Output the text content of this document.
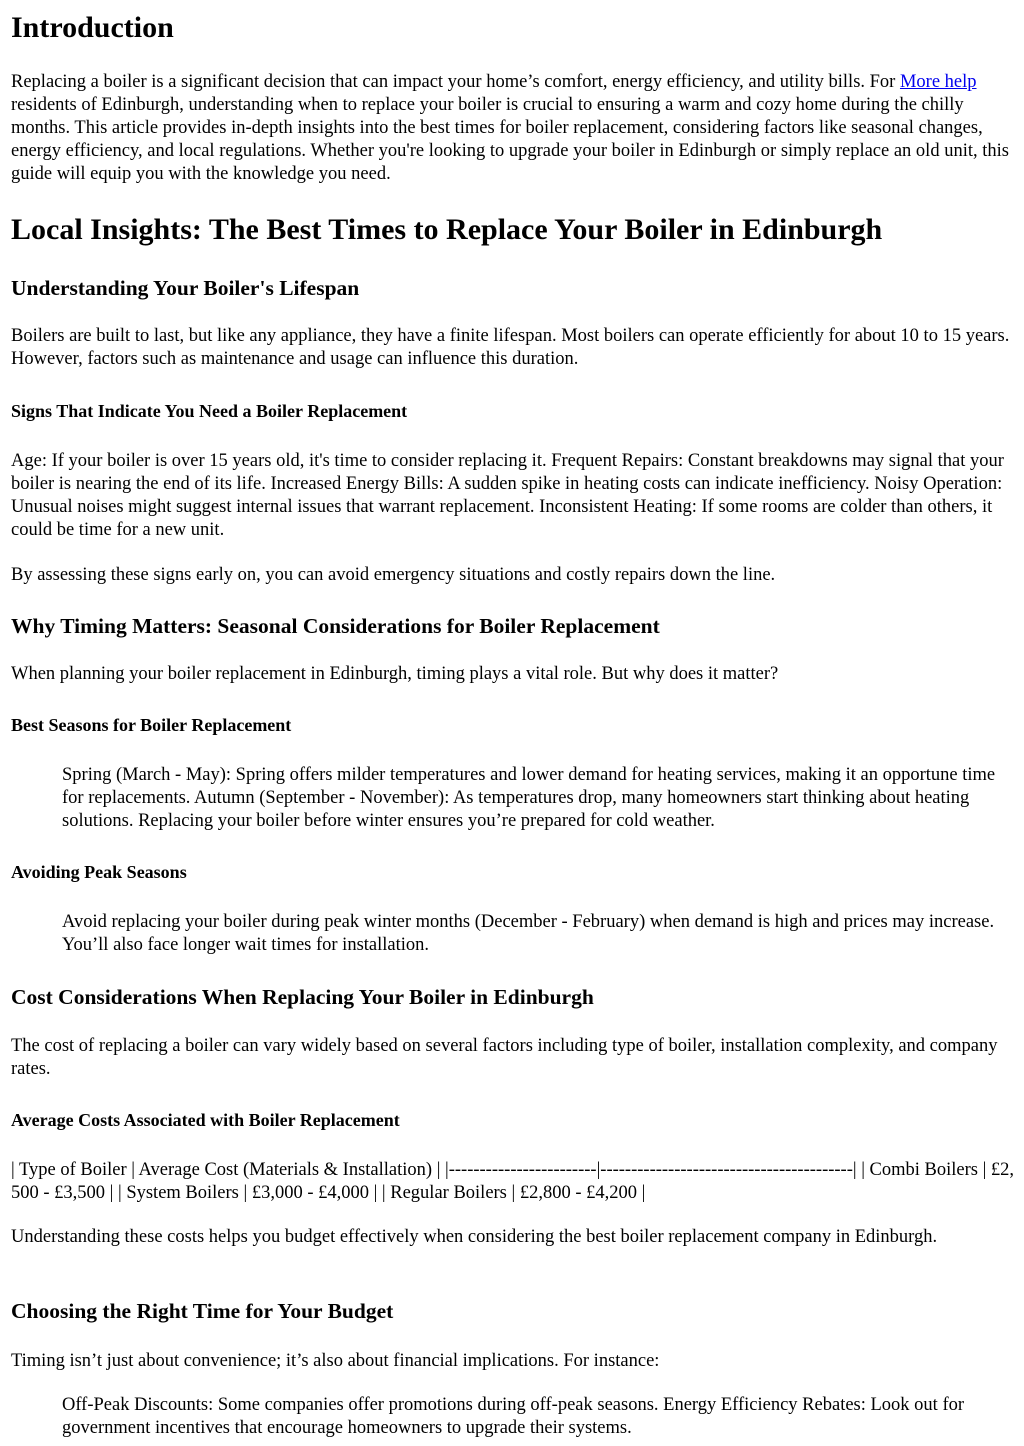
Introduction

Replacing a boiler is a significant decision that can impact your home’s comfort, energy efficiency, and utility bills. For More help residents of Edinburgh, understanding when to replace your boiler is crucial to ensuring a warm and cozy home during the chilly months. This article provides in-depth insights into the best times for boiler replacement, considering factors like seasonal changes, energy efficiency, and local regulations. Whether you're looking to upgrade your boiler in Edinburgh or simply replace an old unit, this guide will equip you with the knowledge you need.

Local Insights: The Best Times to Replace Your Boiler in Edinburgh
Understanding Your Boiler's Lifespan

Boilers are built to last, but like any appliance, they have a finite lifespan. Most boilers can operate efficiently for about 10 to 15 years. However, factors such as maintenance and usage can influence this duration.

Signs That Indicate You Need a Boiler Replacement

Age: If your boiler is over 15 years old, it's time to consider replacing it. Frequent Repairs: Constant breakdowns may signal that your boiler is nearing the end of its life. Increased Energy Bills: A sudden spike in heating costs can indicate inefficiency. Noisy Operation: Unusual noises might suggest internal issues that warrant replacement. Inconsistent Heating: If some rooms are colder than others, it could be time for a new unit.

By assessing these signs early on, you can avoid emergency situations and costly repairs down the line.

Why Timing Matters: Seasonal Considerations for Boiler Replacement

When planning your boiler replacement in Edinburgh, timing plays a vital role. But why does it matter?

Best Seasons for Boiler Replacement
Spring (March - May): Spring offers milder temperatures and lower demand for heating services, making it an opportune time for replacements. Autumn (September - November): As temperatures drop, many homeowners start thinking about heating solutions. Replacing your boiler before winter ensures you’re prepared for cold weather.
Avoiding Peak Seasons
Avoid replacing your boiler during peak winter months (December - February) when demand is high and prices may increase. You’ll also face longer wait times for installation.
Cost Considerations When Replacing Your Boiler in Edinburgh

The cost of replacing a boiler can vary widely based on several factors including type of boiler, installation complexity, and company rates.

Average Costs Associated with Boiler Replacement

| Type of Boiler | Average Cost (Materials & Installation) | |------------------------|-----------------------------------------| | Combi Boilers | £2,500 - £3,500 | | System Boilers | £3,000 - £4,000 | | Regular Boilers | £2,800 - £4,200 |

Understanding these costs helps you budget effectively when considering the best boiler replacement company in Edinburgh.

Choosing the Right Time for Your Budget

Timing isn’t just about convenience; it’s also about financial implications. For instance:

Off-Peak Discounts: Some companies offer promotions during off-peak seasons. Energy Efficiency Rebates: Look out for government incentives that encourage homeowners to upgrade their systems.
